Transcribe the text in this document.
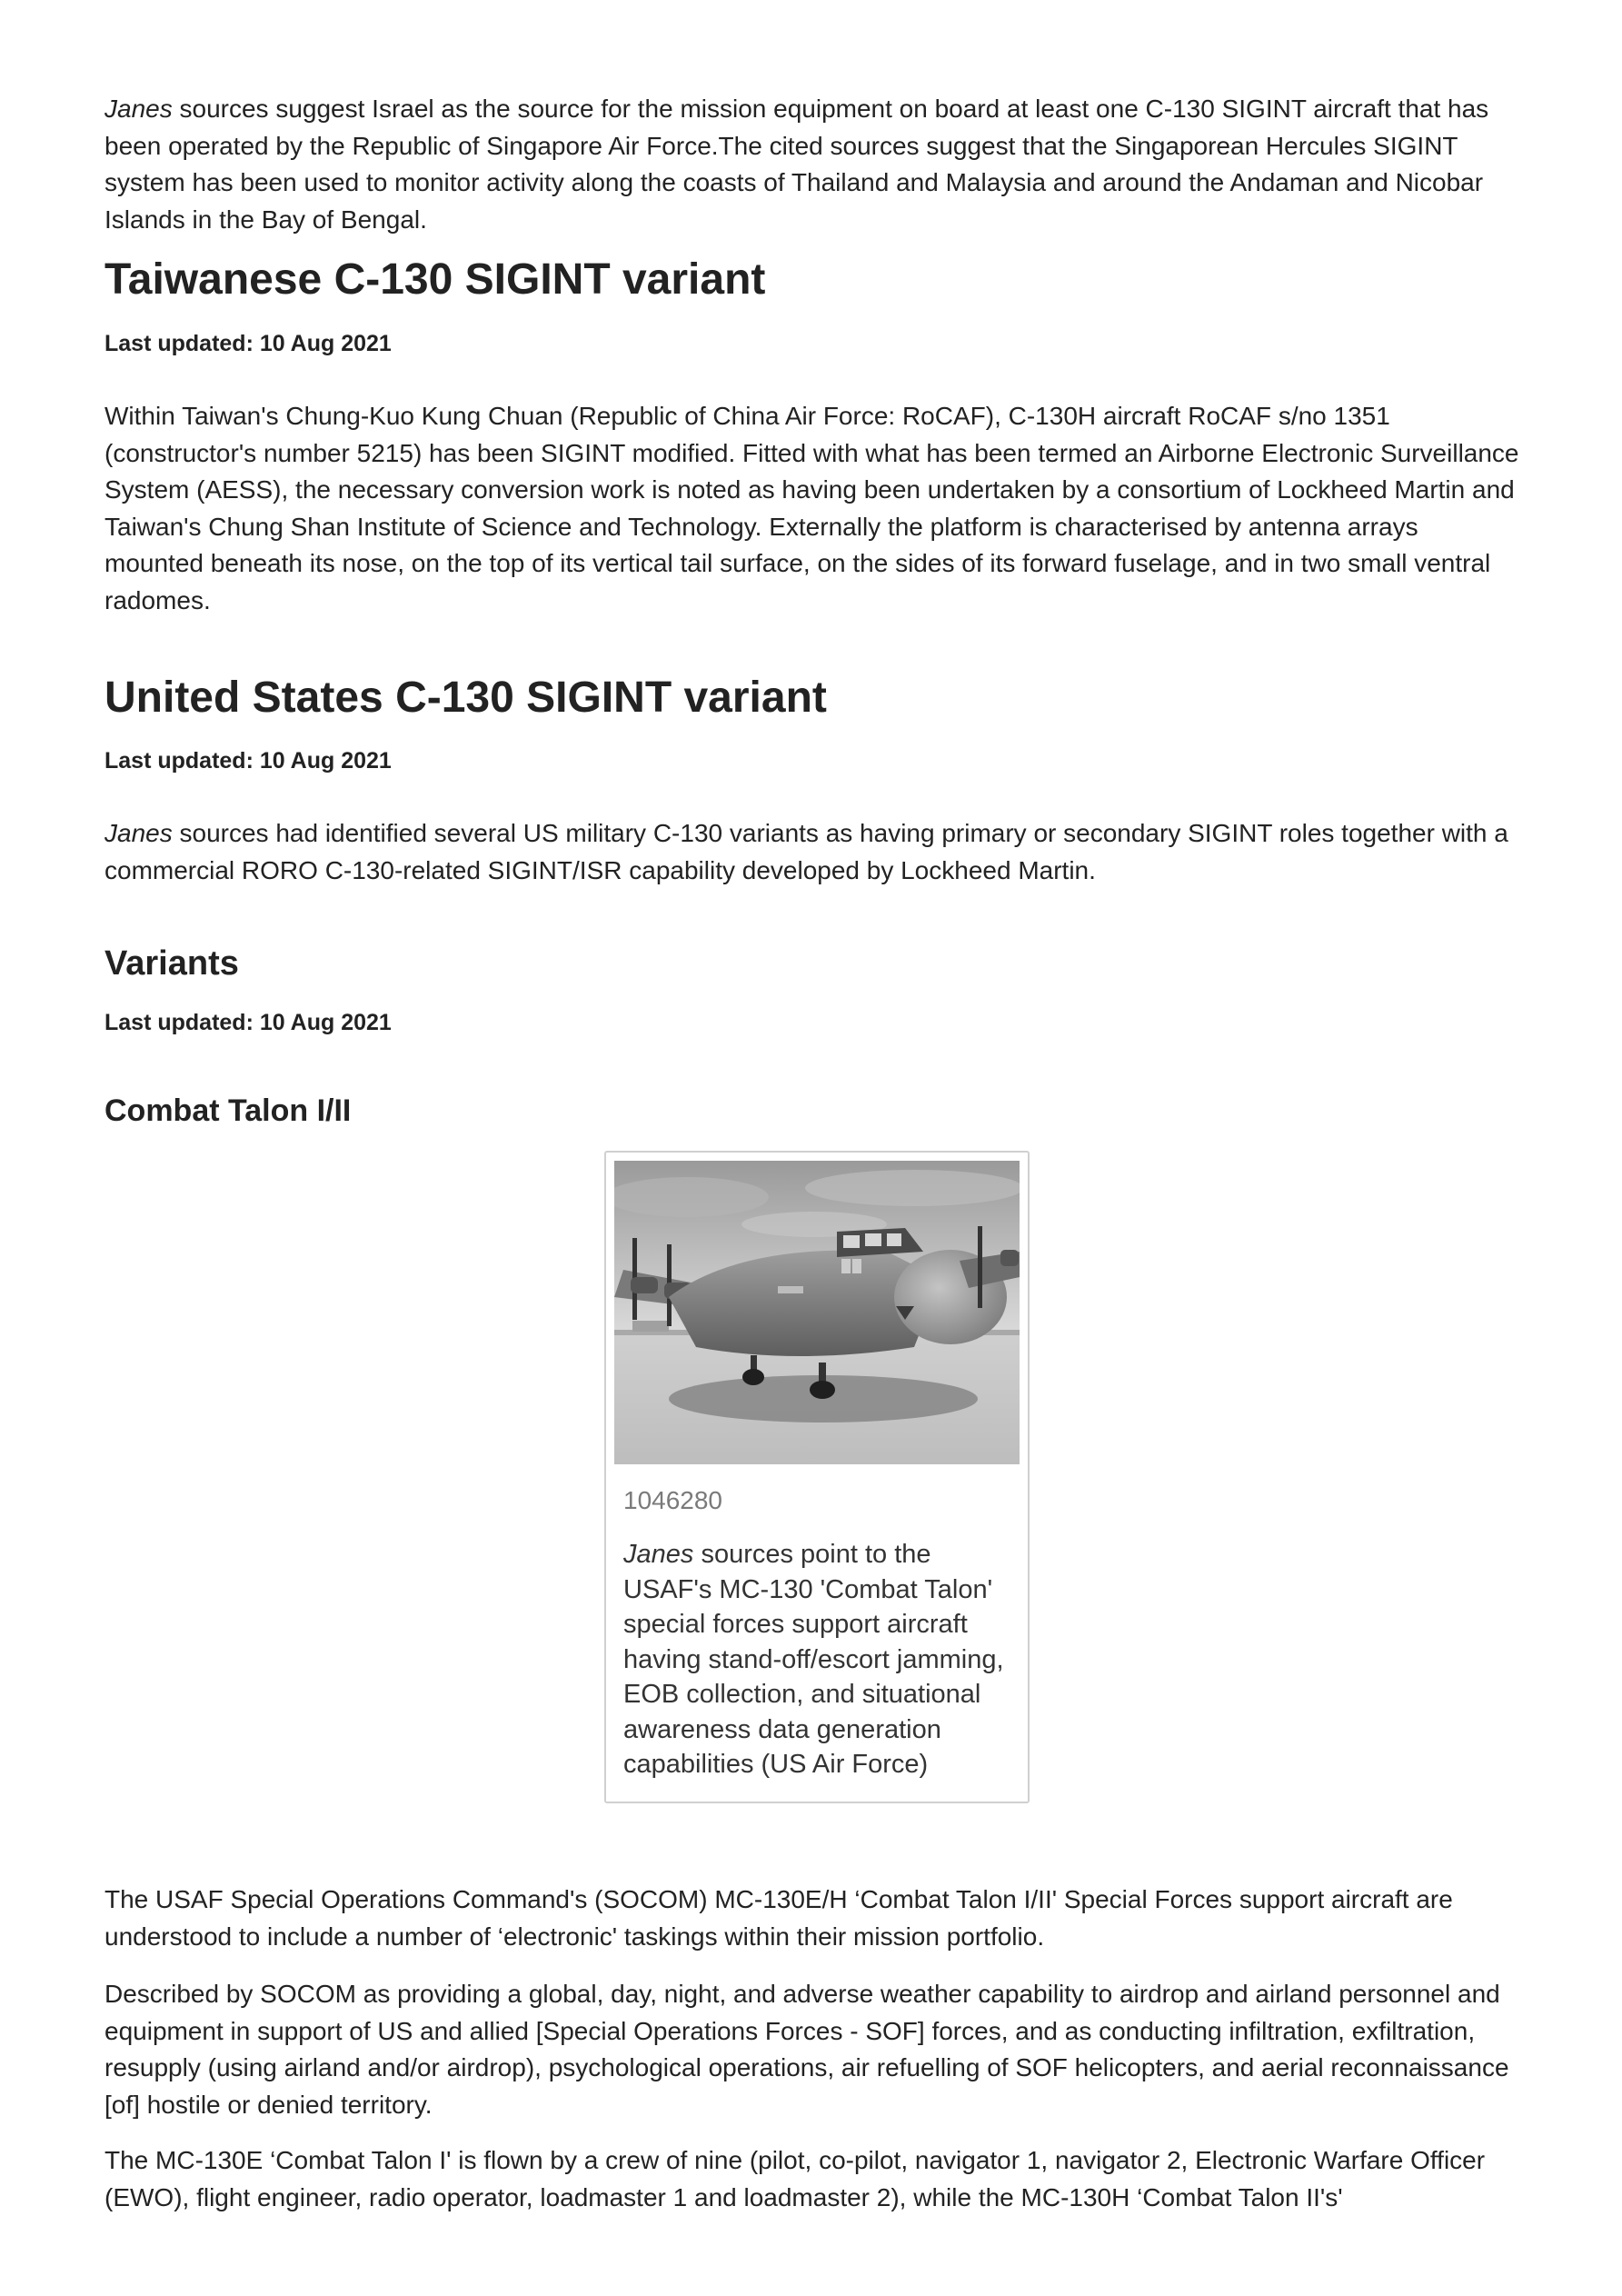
Janes sources suggest Israel as the source for the mission equipment on board at least one C-130 SIGINT aircraft that has been operated by the Republic of Singapore Air Force.The cited sources suggest that the Singaporean Hercules SIGINT system has been used to monitor activity along the coasts of Thailand and Malaysia and around the Andaman and Nicobar Islands in the Bay of Bengal.

Taiwanese C-130 SIGINT variant
Last updated: 10 Aug 2021

Within Taiwan's Chung-Kuo Kung Chuan (Republic of China Air Force: RoCAF), C-130H aircraft RoCAF s/no 1351 (constructor's number 5215) has been SIGINT modified. Fitted with what has been termed an Airborne Electronic Surveillance System (AESS), the necessary conversion work is noted as having been undertaken by a consortium of Lockheed Martin and Taiwan's Chung Shan Institute of Science and Technology. Externally the platform is characterised by antenna arrays mounted beneath its nose, on the top of its vertical tail surface, on the sides of its forward fuselage, and in two small ventral radomes.

United States C-130 SIGINT variant
Last updated: 10 Aug 2021

Janes sources had identified several US military C-130 variants as having primary or secondary SIGINT roles together with a commercial RORO C-130-related SIGINT/ISR capability developed by Lockheed Martin.

Variants
Last updated: 10 Aug 2021
Combat Talon I/II
1046280
Janes sources point to the USAF's MC-130 'Combat Talon' special forces support aircraft having stand-off/escort jamming, EOB collection, and situational awareness data generation capabilities (US Air Force)

The USAF Special Operations Command's (SOCOM) MC-130E/H ‘Combat Talon I/II' Special Forces support aircraft are understood to include a number of ‘electronic' taskings within their mission portfolio.

Described by SOCOM as providing a global, day, night, and adverse weather capability to airdrop and airland personnel and equipment in support of US and allied [Special Operations Forces - SOF] forces, and as conducting infiltration, exfiltration, resupply (using airland and/or airdrop), psychological operations, air refuelling of SOF helicopters, and aerial reconnaissance [of] hostile or denied territory.

The MC-130E ‘Combat Talon I' is flown by a crew of nine (pilot, co-pilot, navigator 1, navigator 2, Electronic Warfare Officer (EWO), flight engineer, radio operator, loadmaster 1 and loadmaster 2), while the MC-130H ‘Combat Talon II's'
